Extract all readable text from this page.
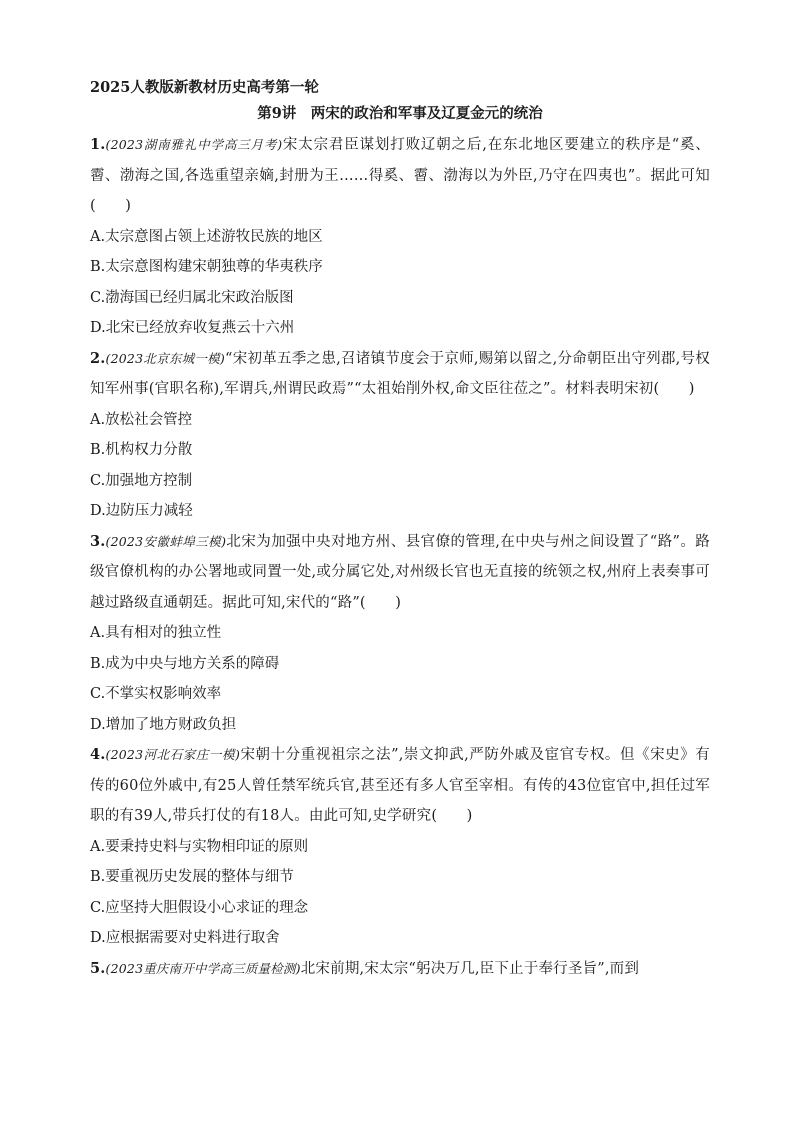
2025人教版新教材历史高考第一轮
第9讲　两宋的政治和军事及辽夏金元的统治
1.(2023湖南雅礼中学高三月考)宋太宗君臣谋划打败辽朝之后,在东北地区要建立的秩序是“奚、霫、渤海之国,各选重望亲嫡,封册为王……得奚、霫、渤海以为外臣,乃守在四夷也”。据此可知(　　)
A.太宗意图占领上述游牧民族的地区
B.太宗意图构建宋朝独尊的华夷秩序
C.渤海国已经归属北宋政治版图
D.北宋已经放弃收复燕云十六州
2.(2023北京东城一模)“宋初革五季之患,召诸镇节度会于京师,赐第以留之,分命朝臣出守列郡,号权知军州事(官职名称),军谓兵,州谓民政焉”“太祖始削外权,命文臣往莅之”。材料表明宋初(　　)
A.放松社会管控
B.机构权力分散
C.加强地方控制
D.边防压力减轻
3.(2023安徽蚌埠三模)北宋为加强中央对地方州、县官僚的管理,在中央与州之间设置了“路”。路级官僚机构的办公署地或同置一处,或分属它处,对州级长官也无直接的统领之权,州府上表奏事可越过路级直通朝廷。据此可知,宋代的“路”(　　)
A.具有相对的独立性
B.成为中央与地方关系的障碍
C.不掌实权影响效率
D.增加了地方财政负担
4.(2023河北石家庄一模)宋朝十分重视祖宗之法”,崇文抑武,严防外戚及宦官专权。但《宋史》有传的60位外戚中,有25人曾任禁军统兵官,甚至还有多人官至宰相。有传的43位宦官中,担任过军职的有39人,带兵打仗的有18人。由此可知,史学研究(　　)
A.要秉持史料与实物相印证的原则
B.要重视历史发展的整体与细节
C.应坚持大胆假设小心求证的理念
D.应根据需要对史料进行取舍
5.(2023重庆南开中学高三质量检测)北宋前期,宋太宗“躬决万几,臣下止于奉行圣旨”,而到
